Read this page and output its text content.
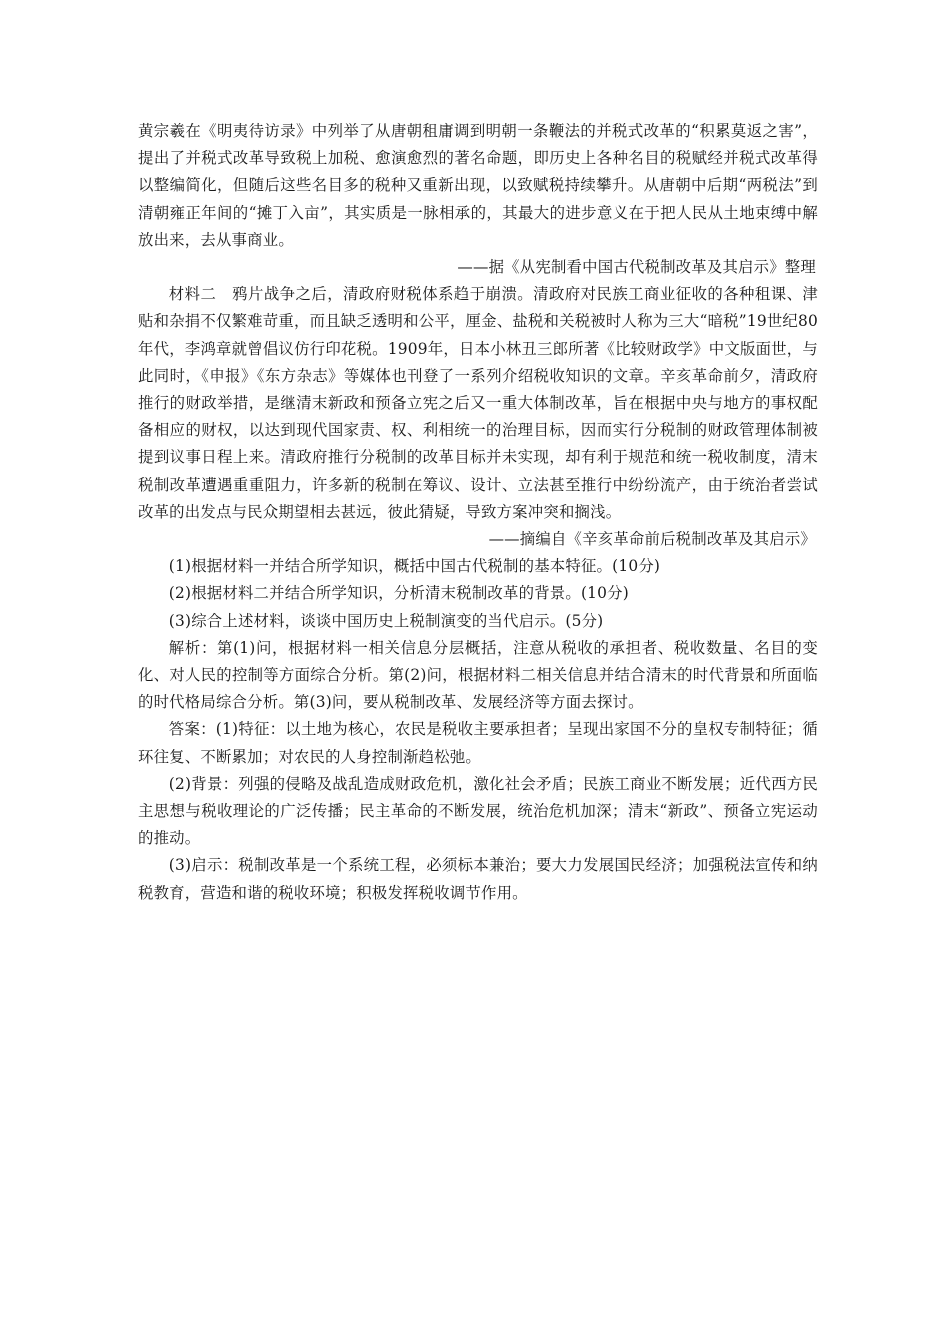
黄宗羲在《明夷待访录》中列举了从唐朝租庸调到明朝一条鞭法的并税式改革的“积累莫返之害”，提出了并税式改革导致税上加税、愈演愈烈的著名命题，即历史上各种名目的税赋经并税式改革得以整编简化，但随后这些名目多的税种又重新出现，以致赋税持续攀升。从唐朝中后期“两税法”到清朝雍正年间的“摊丁入亩”，其实质是一脉相承的，其最大的进步意义在于把人民从土地束缚中解放出来，去从事商业。

——据《从宪制看中国古代税制改革及其启示》整理

材料二　鸦片战争之后，清政府财税体系趋于崩溃。清政府对民族工商业征收的各种租课、津贴和杂捐不仅繁难苛重，而且缺乏透明和公平，厘金、盐税和关税被时人称为三大“暗税”19世纪80年代，李鸿章就曾倡议仿行印花税。1909年，日本小林丑三郎所著《比较财政学》中文版面世，与此同时，《申报》《东方杂志》等媒体也刊登了一系列介绍税收知识的文章。辛亥革命前夕，清政府推行的财政举措，是继清末新政和预备立宪之后又一重大体制改革，旨在根据中央与地方的事权配备相应的财权，以达到现代国家责、权、利相统一的治理目标，因而实行分税制的财政管理体制被提到议事日程上来。清政府推行分税制的改革目标并未实现，却有利于规范和统一税收制度，清末税制改革遭遇重重阻力，许多新的税制在筹议、设计、立法甚至推行中纷纷流产，由于统治者尝试改革的出发点与民众期望相去甚远，彼此猜疑，导致方案冲突和搁浅。

——摘编自《辛亥革命前后税制改革及其启示》

(1)根据材料一并结合所学知识，概括中国古代税制的基本特征。(10分)

(2)根据材料二并结合所学知识，分析清末税制改革的背景。(10分)

(3)综合上述材料，谈谈中国历史上税制演变的当代启示。(5分)

解析：第(1)问，根据材料一相关信息分层概括，注意从税收的承担者、税收数量、名目的变化、对人民的控制等方面综合分析。第(2)问，根据材料二相关信息并结合清末的时代背景和所面临的时代格局综合分析。第(3)问，要从税制改革、发展经济等方面去探讨。

答案：(1)特征：以土地为核心，农民是税收主要承担者；呈现出家国不分的皇权专制特征；循环往复、不断累加；对农民的人身控制渐趋松弛。

(2)背景：列强的侵略及战乱造成财政危机，激化社会矛盾；民族工商业不断发展；近代西方民主思想与税收理论的广泛传播；民主革命的不断发展，统治危机加深；清末“新政”、预备立宪运动的推动。

(3)启示：税制改革是一个系统工程，必须标本兼治；要大力发展国民经济；加强税法宣传和纳税教育，营造和谐的税收环境；积极发挥税收调节作用。
